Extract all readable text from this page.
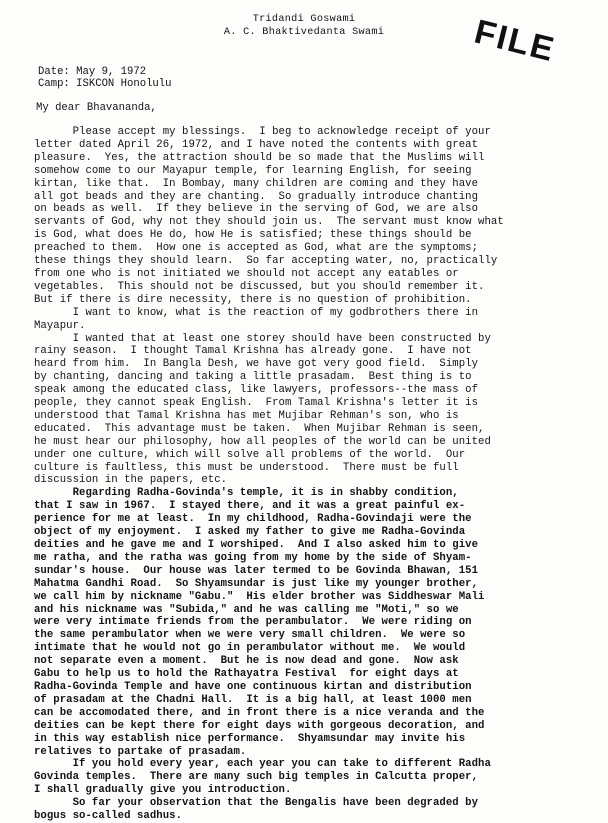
Tridandi Goswami
A. C. Bhaktivedanta Swami	FILE
Date: May 9, 1972
Camp: ISKCON Honolulu
My dear Bhavananda,
Please accept my blessings.  I beg to acknowledge receipt of your
letter dated April 26, 1972, and I have noted the contents with great
pleasure.  Yes, the attraction should be so made that the Muslims will
somehow come to our Mayapur temple, for learning English, for seeing
kirtan, like that.  In Bombay, many children are coming and they have
all got beads and they are chanting.  So gradually introduce chanting
on beads as well.  If they believe in the serving of God, we are also
servants of God, why not they should join us.  The servant must know what
is God, what does He do, how He is satisfied; these things should be
preached to them.  How one is accepted as God, what are the symptoms;
these things they should learn.  So far accepting water, no, practically
from one who is not initiated we should not accept any eatables or
vegetables.  This should not be discussed, but you should remember it.
But if there is dire necessity, there is no question of prohibition.
I want to know, what is the reaction of my godbrothers there in
Mayapur.
I wanted that at least one storey should have been constructed by
rainy season.  I thought Tamal Krishna has already gone.  I have not
heard from him.  In Bangla Desh, we have got very good field.  Simply
by chanting, dancing and taking a little prasadam.  Best thing is to
speak among the educated class, like lawyers, professors--the mass of
people, they cannot speak English.  From Tamal Krishna's letter it is
understood that Tamal Krishna has met Mujibar Rehman's son, who is
educated.  This advantage must be taken.  When Mujibar Rehman is seen,
he must hear our philosophy, how all peoples of the world can be united
under one culture, which will solve all problems of the world.  Our
culture is faultless, this must be understood.  There must be full
discussion in the papers, etc.
Regarding Radha-Govinda's temple, it is in shabby condition,
that I saw in 1967.  I stayed there, and it was a great painful ex-
perience for me at least.  In my childhood, Radha-Govindaji were the
object of my enjoyment.  I asked my father to give me Radha-Govinda
deities and he gave me and I worshiped.  And I also asked him to give
me ratha, and the ratha was going from my home by the side of Shyam-
sundar's house.  Our house was later termed to be Govinda Bhawan, 151
Mahatma Gandhi Road.  So Shyamsundar is just like my younger brother,
we call him by nickname "Gabu."  His elder brother was Siddheswar Mali
and his nickname was "Subida," and he was calling me "Moti," so we
were very intimate friends from the perambulator.  We were riding on
the same perambulator when we were very small children.  We were so
intimate that he would not go in perambulator without me.  We would
not separate even a moment.  But he is now dead and gone.  Now ask
Gabu to help us to hold the Rathayatra Festival  for eight days at
Radha-Govinda Temple and have one continuous kirtan and distribution
of prasadam at the Chadni Hall.  It is a big hall, at least 1000 men
can be accomodated there, and in front there is a nice veranda and the
deities can be kept there for eight days with gorgeous decoration, and
in this way establish nice performance.  Shyamsundar may invite his
relatives to partake of prasadam.
If you hold every year, each year you can take to different Radha
Govinda temples.  There are many such big temples in Calcutta proper,
I shall gradually give you introduction.
So far your observation that the Bengalis have been degraded by
bogus so-called sadhus.
